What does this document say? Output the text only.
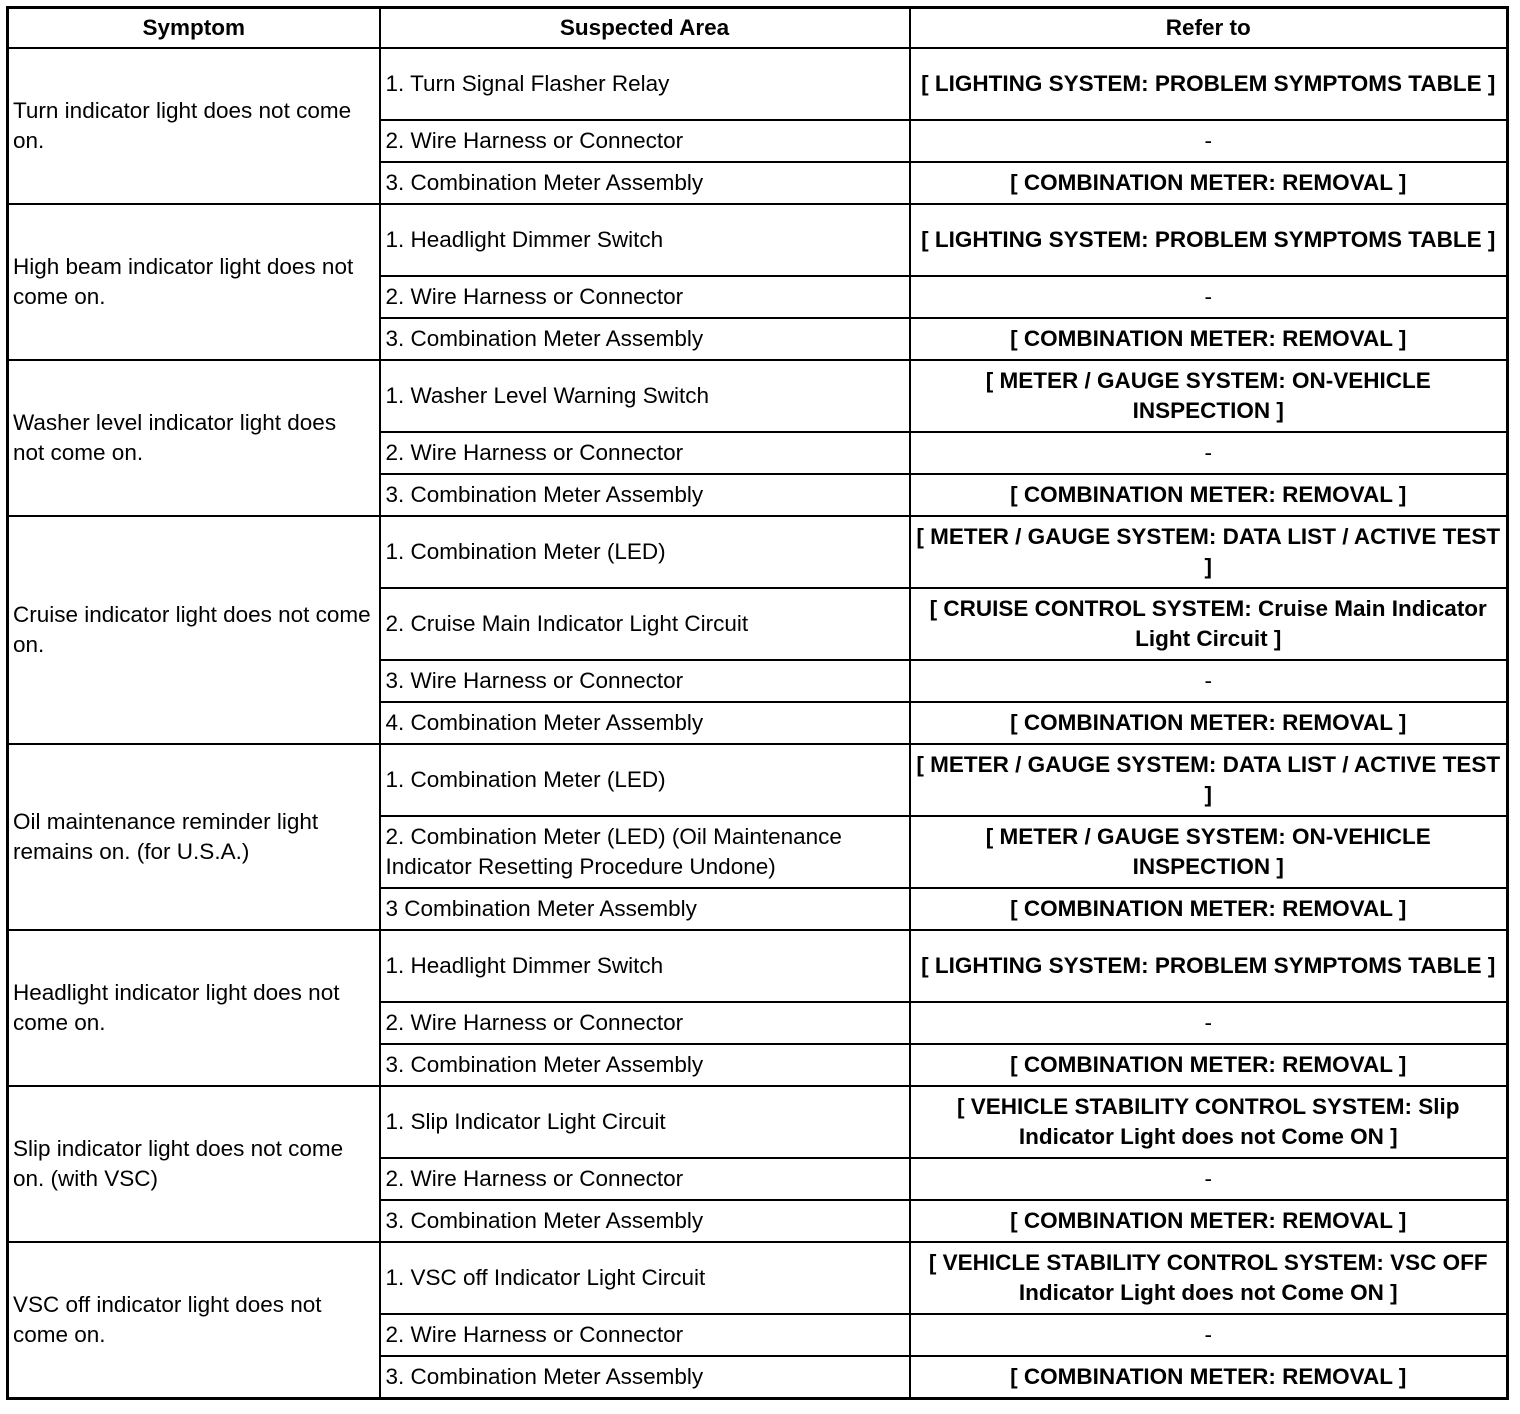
Symptom	Suspected Area	Refer to
Turn indicator light does not come on.	1. Turn Signal Flasher Relay	[ LIGHTING SYSTEM: PROBLEM SYMPTOMS TABLE ]
	2. Wire Harness or Connector	-
	3. Combination Meter Assembly	[ COMBINATION METER: REMOVAL ]
High beam indicator light does not come on.	1. Headlight Dimmer Switch	[ LIGHTING SYSTEM: PROBLEM SYMPTOMS TABLE ]
	2. Wire Harness or Connector	-
	3. Combination Meter Assembly	[ COMBINATION METER: REMOVAL ]
Washer level indicator light does not come on.	1. Washer Level Warning Switch	[ METER / GAUGE SYSTEM: ON-VEHICLE INSPECTION ]
	2. Wire Harness or Connector	-
	3. Combination Meter Assembly	[ COMBINATION METER: REMOVAL ]
Cruise indicator light does not come on.	1. Combination Meter (LED)	[ METER / GAUGE SYSTEM: DATA LIST / ACTIVE TEST ]
	2. Cruise Main Indicator Light Circuit	[ CRUISE CONTROL SYSTEM: Cruise Main Indicator Light Circuit ]
	3. Wire Harness or Connector	-
	4. Combination Meter Assembly	[ COMBINATION METER: REMOVAL ]
Oil maintenance reminder light remains on. (for U.S.A.)	1. Combination Meter (LED)	[ METER / GAUGE SYSTEM: DATA LIST / ACTIVE TEST ]
	2. Combination Meter (LED) (Oil Maintenance Indicator Resetting Procedure Undone)	[ METER / GAUGE SYSTEM: ON-VEHICLE INSPECTION ]
	3 Combination Meter Assembly	[ COMBINATION METER: REMOVAL ]
Headlight indicator light does not come on.	1. Headlight Dimmer Switch	[ LIGHTING SYSTEM: PROBLEM SYMPTOMS TABLE ]
	2. Wire Harness or Connector	-
	3. Combination Meter Assembly	[ COMBINATION METER: REMOVAL ]
Slip indicator light does not come on. (with VSC)	1. Slip Indicator Light Circuit	[ VEHICLE STABILITY CONTROL SYSTEM: Slip Indicator Light does not Come ON ]
	2. Wire Harness or Connector	-
	3. Combination Meter Assembly	[ COMBINATION METER: REMOVAL ]
VSC off indicator light does not come on.	1. VSC off Indicator Light Circuit	[ VEHICLE STABILITY CONTROL SYSTEM: VSC OFF Indicator Light does not Come ON ]
	2. Wire Harness or Connector	-
	3. Combination Meter Assembly	[ COMBINATION METER: REMOVAL ]
